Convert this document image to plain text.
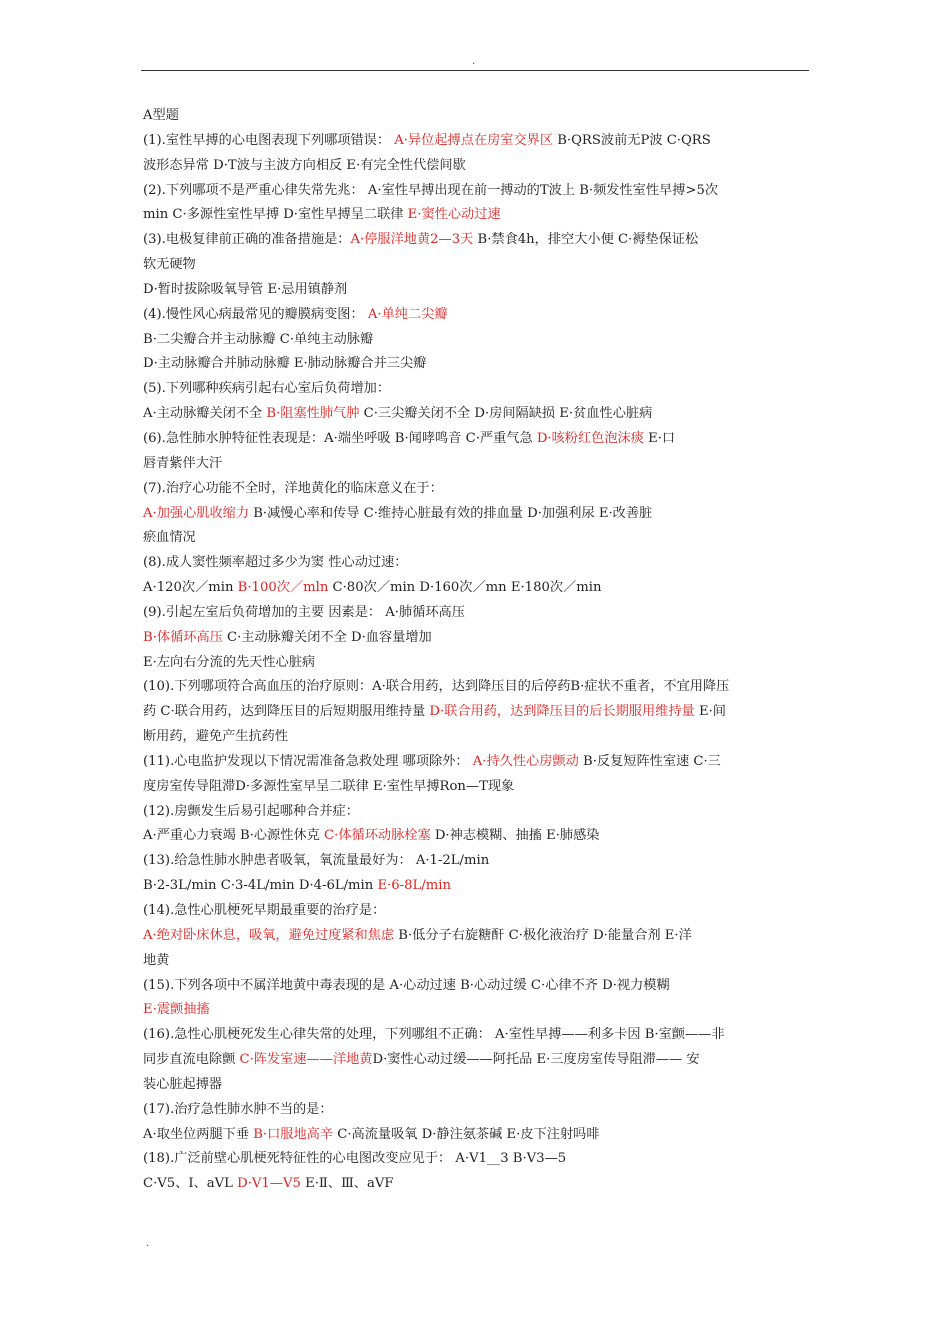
.
A型题
(1).室性早搏的心电图表现下列哪项错误： A·异位起搏点在房室交界区 B·QRS波前无P波 C·QRS
波形态异常 D·T波与主波方向相反 E·有完全性代偿间歇
(2).下列哪项不是严重心律失常先兆： A·室性早搏出现在前一搏动的T波上 B·频发性室性早搏>5次
min C·多源性室性早搏 D·室性早搏呈二联律 E·窦性心动过速
(3).电极复律前正确的准备措施是：A·停服洋地黄2—3天 B·禁食4h，排空大小便 C·褥垫保证松
软无硬物
D·暂时拔除吸氧导管 E·忌用镇静剂
(4).慢性风心病最常见的瓣膜病变图： A·单纯二尖瓣
B·二尖瓣合并主动脉瓣 C·单纯主动脉瓣
D·主动脉瓣合并肺动脉瓣 E·肺动脉瓣合并三尖瓣
(5).下列哪种疾病引起右心室后负荷增加：
A·主动脉瓣关闭不全 B·阻塞性肺气肿 C·三尖瓣关闭不全 D·房间隔缺损 E·贫血性心脏病
(6).急性肺水肿特征性表现是：A·端坐呼吸 B·闻哮鸣音 C·严重气急 D·咳粉红色泡沫痰 E·口
唇青紫伴大汗
(7).治疗心功能不全时，洋地黄化的临床意义在于：
A·加强心肌收缩力 B·减慢心率和传导 C·维持心脏最有效的排血量 D·加强利尿 E·改善脏
瘀血情况
(8).成人窦性频率超过多少为窦 性心动过速：
A·120次／min B·100次／mln C·80次／min D·160次／mn E·180次／min
(9).引起左室后负荷增加的主要 因素是： A·肺循环高压
B·体循环高压 C·主动脉瓣关闭不全 D·血容量增加
E·左向右分流的先天性心脏病
(10).下列哪项符合高血压的治疗原则：A·联合用药，达到降压目的后停药B·症状不重者，不宜用降压
药 C·联合用药，达到降压目的后短期服用维持量 D·联合用药，达到降压目的后长期服用维持量 E·间
断用药，避免产生抗药性
(11).心电监护发现以下情况需准备急救处理 哪项除外： A·持久性心房颤动 B·反复短阵性室速 C·三
度房室传导阻滞D·多源性室早呈二联律 E·室性早搏Ron—T现象
(12).房颤发生后易引起哪种合并症：
A·严重心力衰竭 B·心源性休克 C·体循环动脉栓塞 D·神志模糊、抽搐 E·肺感染
(13).给急性肺水肿患者吸氧，氧流量最好为： A·1-2L/min
B·2-3L/min C·3-4L/min D·4-6L/min E·6-8L/min
(14).急性心肌梗死早期最重要的治疗是：
A·绝对卧床休息，吸氧，避免过度紧和焦虑 B·低分子右旋糖酐 C·极化液治疗 D·能量合剂 E·洋
地黄
(15).下列各项中不属洋地黄中毒表现的是 A·心动过速 B·心动过缓 C·心律不齐 D·视力模糊
E·震颤抽搐
(16).急性心肌梗死发生心律失常的处理，下列哪组不正确： A·室性早搏——利多卡因 B·室颤——非
同步直流电除颤 C·阵发室速——洋地黄D·窦性心动过缓——阿托品 E·三度房室传导阻滞—— 安
装心脏起搏器
(17).治疗急性肺水肿不当的是：
A·取坐位两腿下垂 B·口服地高辛 C·高流量吸氧 D·静注氨茶碱 E·皮下注射吗啡
(18).广泛前壁心肌梗死特征性的心电图改变应见于： A·V1__3 B·V3—5
C·V5、I、aVL D·V1—V5 E·Ⅱ、Ⅲ、aVF
.
